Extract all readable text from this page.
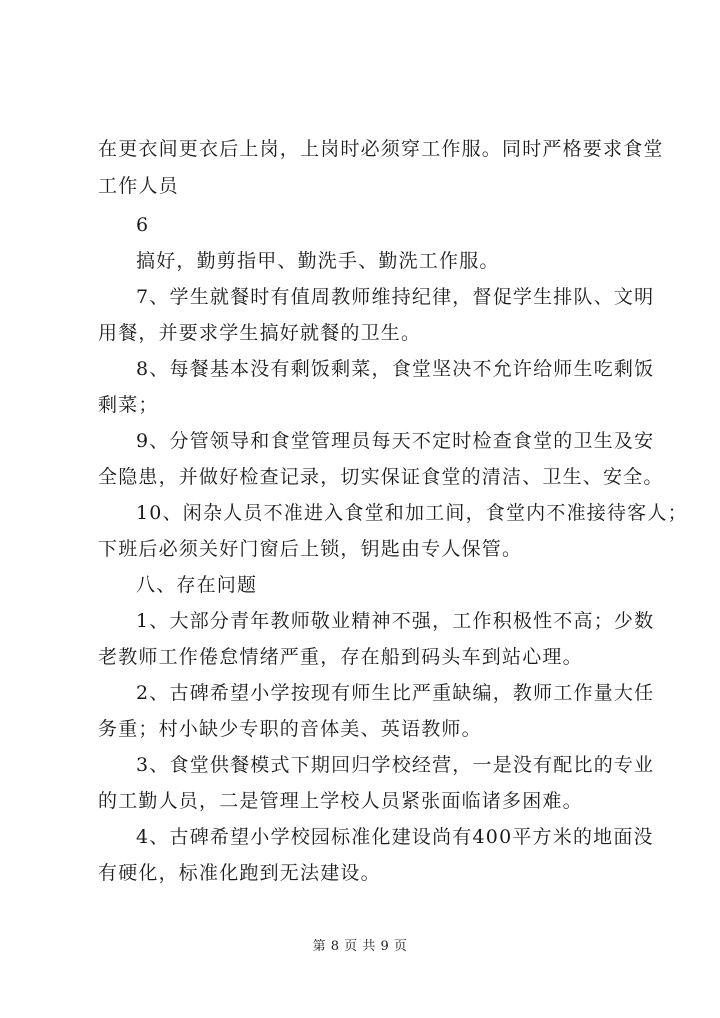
在更衣间更衣后上岗，上岗时必须穿工作服。同时严格要求食堂
工作人员
6
搞好，勤剪指甲、勤洗手、勤洗工作服。
7、学生就餐时有值周教师维持纪律，督促学生排队、文明
用餐，并要求学生搞好就餐的卫生。
8、每餐基本没有剩饭剩菜，食堂坚决不允许给师生吃剩饭
剩菜；
9、分管领导和食堂管理员每天不定时检查食堂的卫生及安
全隐患，并做好检查记录，切实保证食堂的清洁、卫生、安全。
10、闲杂人员不准进入食堂和加工间，食堂内不准接待客人；
下班后必须关好门窗后上锁，钥匙由专人保管。
八、存在问题
1、大部分青年教师敬业精神不强，工作积极性不高；少数
老教师工作倦怠情绪严重，存在船到码头车到站心理。
2、古碑希望小学按现有师生比严重缺编，教师工作量大任
务重；村小缺少专职的音体美、英语教师。
3、食堂供餐模式下期回归学校经营，一是没有配比的专业
的工勤人员，二是管理上学校人员紧张面临诸多困难。
4、古碑希望小学校园标准化建设尚有400平方米的地面没
有硬化，标准化跑到无法建设。
第 8 页 共 9 页
